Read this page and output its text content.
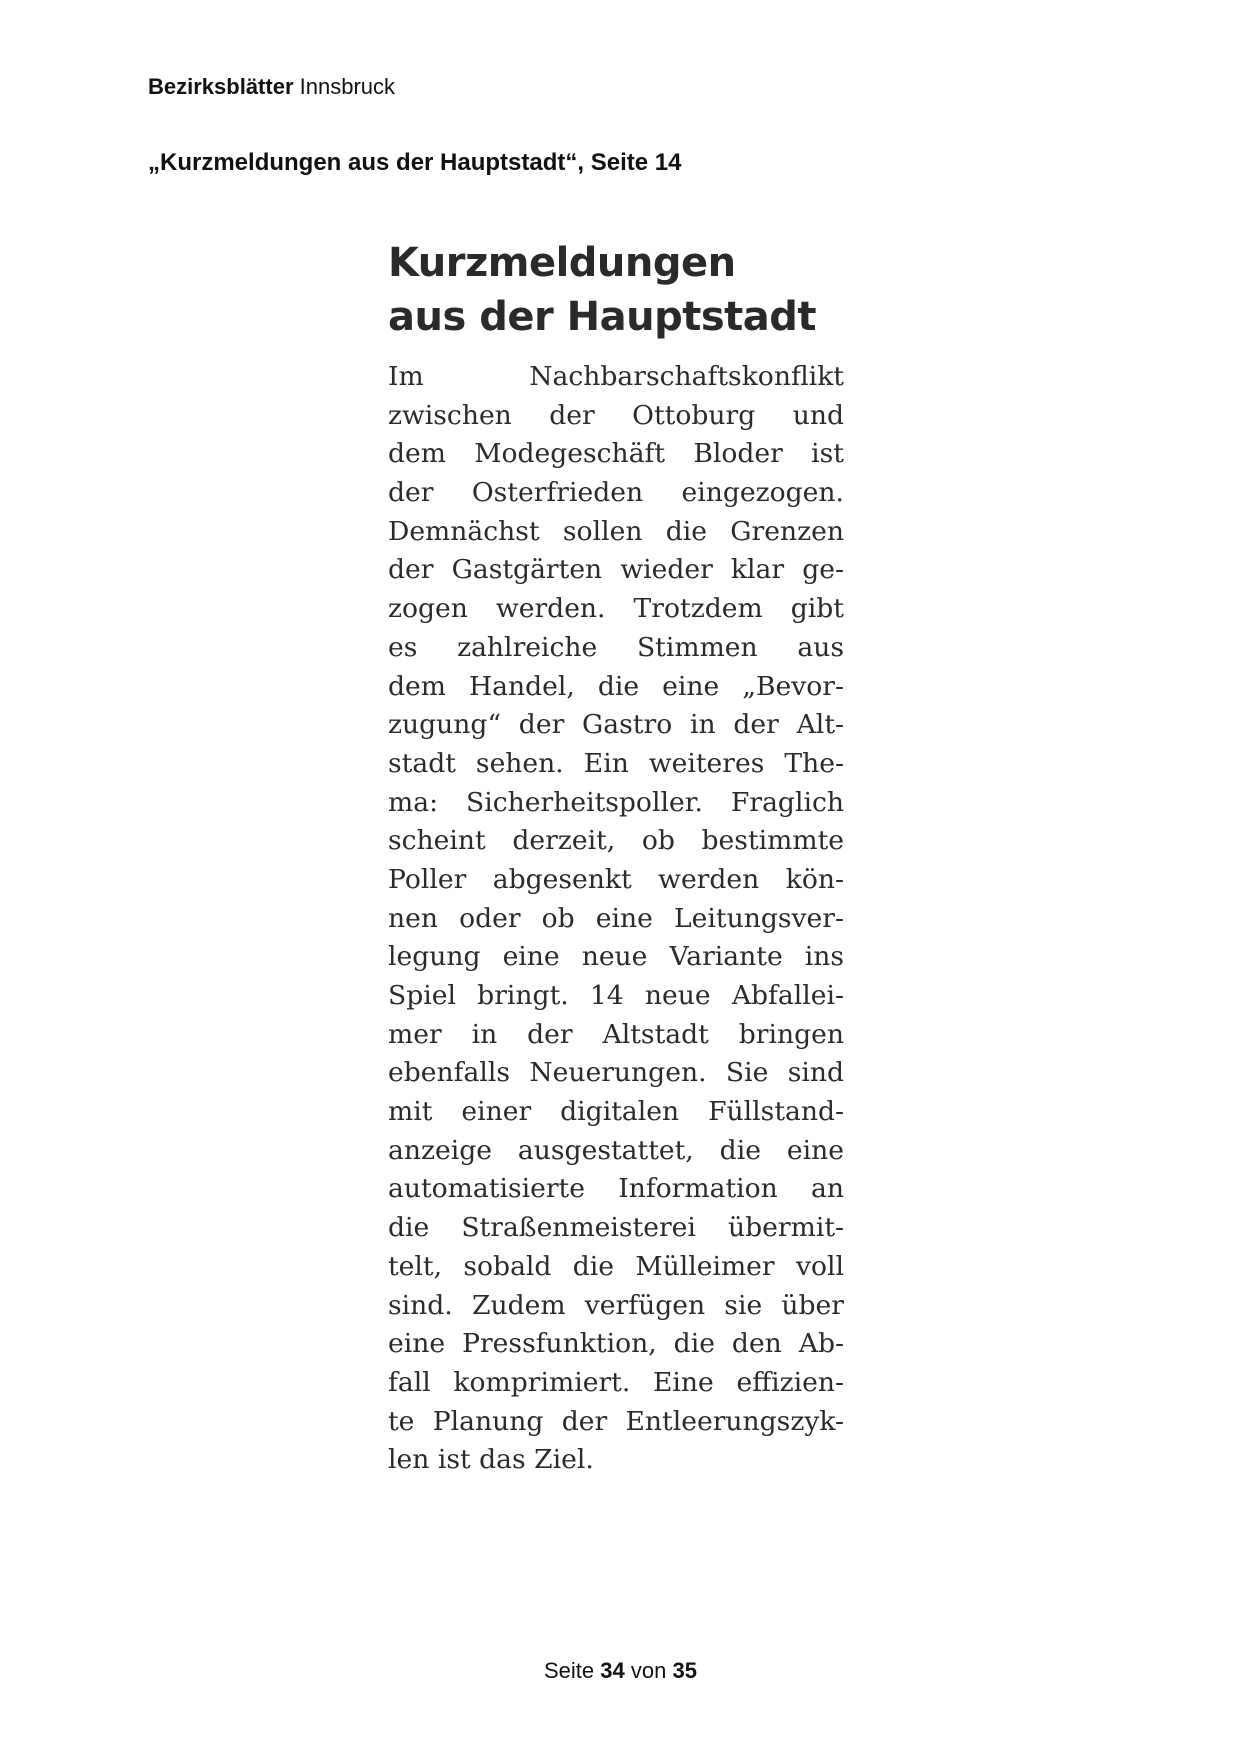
Bezirksblätter Innsbruck
„Kurzmeldungen aus der Hauptstadt“, Seite 14
Kurzmeldungen
aus der Hauptstadt
Im Nachbarschaftskonflikt
zwischen der Ottoburg und
dem Modegeschäft Bloder ist
der Osterfrieden eingezogen.
Demnächst sollen die Grenzen
der Gastgärten wieder klar ge-
zogen werden. Trotzdem gibt
es zahlreiche Stimmen aus
dem Handel, die eine „Bevor-
zugung“ der Gastro in der Alt-
stadt sehen. Ein weiteres The-
ma: Sicherheitspoller. Fraglich
scheint derzeit, ob bestimmte
Poller abgesenkt werden kön-
nen oder ob eine Leitungsver-
legung eine neue Variante ins
Spiel bringt. 14 neue Abfallei-
mer in der Altstadt bringen
ebenfalls Neuerungen. Sie sind
mit einer digitalen Füllstand-
anzeige ausgestattet, die eine
automatisierte Information an
die Straßenmeisterei übermit-
telt, sobald die Mülleimer voll
sind. Zudem verfügen sie über
eine Pressfunktion, die den Ab-
fall komprimiert. Eine effizien-
te Planung der Entleerungszyk-
len ist das Ziel.
Seite 34 von 35
